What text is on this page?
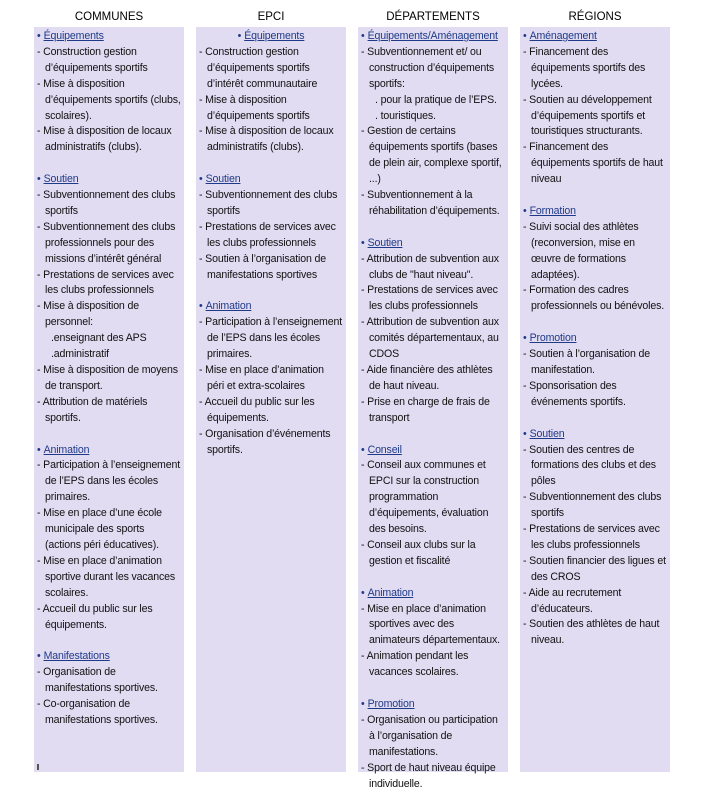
COMMUNES
• Équipements
- Construction gestion d’équipements sportifs
- Mise à disposition d’équipements sportifs (clubs, scolaires).
- Mise à disposition de locaux administratifs (clubs).
• Soutien
- Subventionnement des clubs sportifs
- Subventionnement des clubs professionnels pour des missions d’intérêt général
- Prestations de services avec les clubs professionnels
- Mise à disposition de personnel:
.enseignant des APS
.administratif
- Mise à disposition de moyens de transport.
- Attribution de matériels sportifs.
• Animation
- Participation à l’enseignement de l’EPS dans les écoles primaires.
- Mise en place d’une école municipale des sports (actions péri éducatives).
- Mise en place d’animation sportive durant les vacances scolaires.
- Accueil du public sur les équipements.
• Manifestations
- Organisation de manifestations sportives.
- Co-organisation de manifestations sportives.
EPCI
• Équipements
- Construction gestion d’équipements sportifs d’intérêt communautaire
- Mise à disposition d’équipements sportifs
- Mise à disposition de locaux administratifs (clubs).
• Soutien
- Subventionnement des clubs sportifs
- Prestations de services avec les clubs professionnels
- Soutien à l’organisation de manifestations sportives
• Animation
- Participation à l’enseignement de l’EPS dans les écoles primaires.
- Mise en place d’animation péri et extra-scolaires
- Accueil du public sur les équipements.
- Organisation d’événements sportifs.
DÉPARTEMENTS
• Équipements/Aménagement
- Subventionnement et/ ou construction d’équipements sportifs:
. pour la pratique de l’EPS.
. touristiques.
- Gestion de certains équipements sportifs (bases de plein air, complexe sportif, ...)
- Subventionnement à la réhabilitation d’équipements.
• Soutien
- Attribution de subvention aux clubs de "haut niveau".
- Prestations de services avec les clubs professionnels
- Attribution de subvention aux comités départementaux, au CDOS
- Aide financière des athlètes de haut niveau.
- Prise en charge de frais de transport
• Conseil
- Conseil aux communes et EPCI sur la construction programmation d’équipements, évaluation des besoins.
- Conseil aux clubs sur la gestion et fiscalité
• Animation
- Mise en place d’animation sportives avec des animateurs départementaux.
- Animation pendant les vacances scolaires.
• Promotion
- Organisation ou participation à l’organisation de manifestations.
- Sport de haut niveau équipe individuelle.
RÉGIONS
• Aménagement
- Financement des équipements sportifs des lycées.
- Soutien au développement d’équipements sportifs et touristiques structurants.
- Financement des équipements sportifs de haut niveau
• Formation
- Suivi social des athlètes (reconversion, mise en œuvre de formations adaptées).
- Formation des cadres professionnels ou bénévoles.
• Promotion
- Soutien à l’organisation de manifestation.
- Sponsorisation des événements sportifs.
• Soutien
- Soutien des centres de formations des clubs et des pôles
- Subventionnement des clubs sportifs
- Prestations de services avec les clubs professionnels
- Soutien financier des ligues et des CROS
- Aide au recrutement d’éducateurs.
- Soutien des athlètes de haut niveau.
